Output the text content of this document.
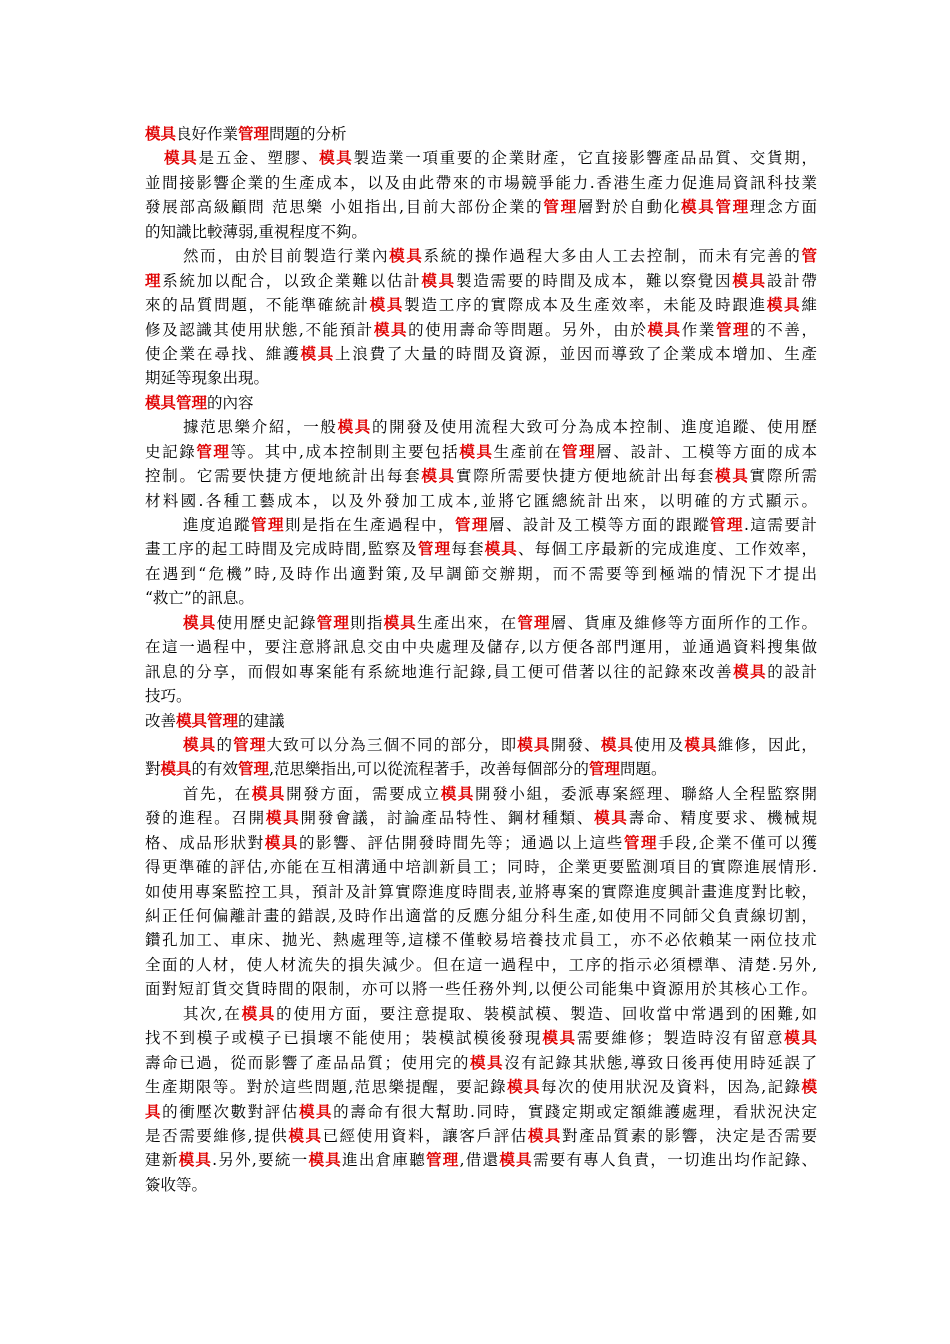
模具良好作業管理問題的分析
模具是五金、塑膠、模具製造業一項重要的企業財產，它直接影響產品品質、交貨期，
並間接影響企業的生產成本，以及由此帶來的市場競爭能力.香港生產力促進局資訊科技業
發展部高級顧問 范思樂 小姐指出,目前大部份企業的管理層對於自動化模具管理理念方面
的知識比較薄弱,重視程度不夠。
然而，由於目前製造行業內模具系統的操作過程大多由人工去控制，而未有完善的管
理系統加以配合，以致企業難以估計模具製造需要的時間及成本，難以察覺因模具設計帶
來的品質問題，不能準確統計模具製造工序的實際成本及生產效率，未能及時跟進模具維
修及認識其使用狀態,不能預計模具的使用壽命等問題。另外，由於模具作業管理的不善，
使企業在尋找、維護模具上浪費了大量的時間及資源，並因而導致了企業成本增加、生產
期延等現象出現。
模具管理的內容
據范思樂介紹，一般模具的開發及使用流程大致可分為成本控制、進度追蹤、使用歷
史記錄管理等。其中,成本控制則主要包括模具生產前在管理層、設計、工模等方面的成本
控制。它需要快捷方便地統計出每套模具實際所需要快捷方便地統計出每套模具實際所需
材料國.各種工藝成本，以及外發加工成本,並將它匯總統計出來，以明確的方式顯示。
進度追蹤管理則是指在生產過程中，管理層、設計及工模等方面的跟蹤管理.這需要計
畫工序的起工時間及完成時間,監察及管理每套模具、每個工序最新的完成進度、工作效率，
在遇到“危機”時,及時作出適對策,及早調節交辦期，而不需要等到極端的情況下才提出
“救亡”的訊息。
模具使用歷史記錄管理則指模具生產出來，在管理層、貨庫及維修等方面所作的工作。
在這一過程中，要注意將訊息交由中央處理及儲存,以方便各部門運用，並通過資料搜集做
訊息的分享，而假如專案能有系統地進行記錄,員工便可借著以往的記錄來改善模具的設計
技巧。
改善模具管理的建議
模具的管理大致可以分為三個不同的部分，即模具開發、模具使用及模具維修，因此，
對模具的有效管理,范思樂指出,可以從流程著手，改善每個部分的管理問題。
首先，在模具開發方面，需要成立模具開發小組，委派專案經理、聯絡人全程監察開
發的進程。召開模具開發會議，討論產品特性、鋼材種類、模具壽命、精度要求、機械規
格、成品形狀對模具的影響、評估開發時間先等；通過以上這些管理手段,企業不僅可以獲
得更準確的評估,亦能在互相溝通中培訓新員工；同時，企業更要監測項目的實際進展情形.
如使用專案監控工具，預計及計算實際進度時間表,並將專案的實際進度興計畫進度對比較，
糾正任何偏離計畫的錯誤,及時作出適當的反應分組分科生產,如使用不同師父負責線切割，
鑽孔加工、車床、拋光、熱處理等,這樣不僅較易培養技朮員工，亦不必依賴某一兩位技朮
全面的人材，使人材流失的損失減少。但在這一過程中，工序的指示必須標準、清楚.另外,
面對短訂貨交貨時間的限制，亦可以將一些任務外判,以便公司能集中資源用於其核心工作。
其次,在模具的使用方面，要注意提取、裝模試模、製造、回收當中常遇到的困難,如
找不到模子或模子已損壞不能使用；裝模試模後發現模具需要維修；製造時沒有留意模具
壽命已過，從而影響了產品品質；使用完的模具沒有記錄其狀態,導致日後再使用時延誤了
生產期限等。對於這些問題,范思樂提醒，要記錄模具每次的使用狀況及資料，因為,記錄模
具的衝壓次數對評估模具的壽命有很大幫助.同時，實踐定期或定額維護處理，看狀況決定
是否需要維修,提供模具已經使用資料，讓客戶評估模具對產品質素的影響，決定是否需要
建新模具.另外,要統一模具進出倉庫聽管理,借還模具需要有專人負責，一切進出均作記錄、
簽收等。
